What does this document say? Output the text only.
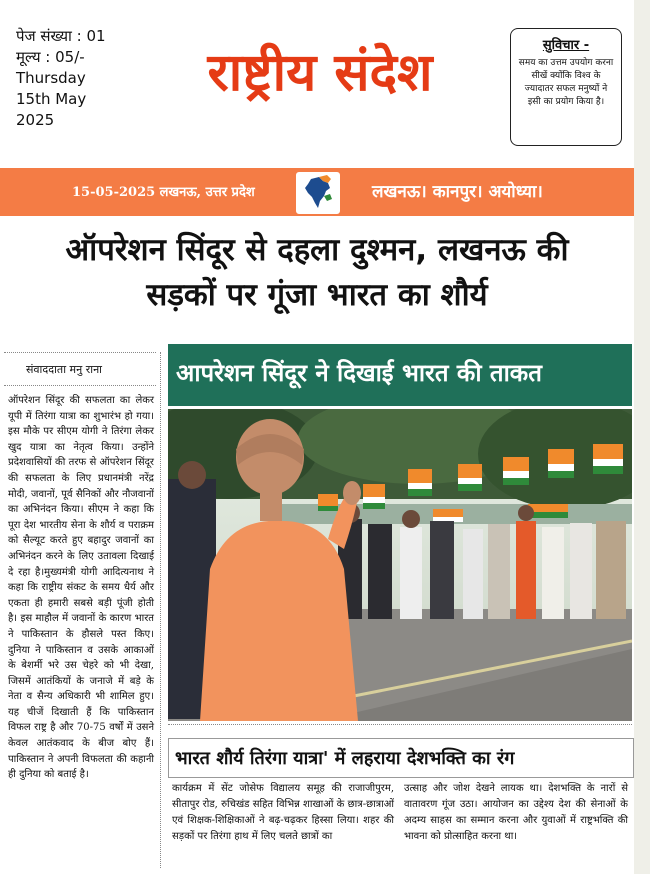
पेज संख्या : 01
मूल्य : 05/-
Thursday
15th May
2025
राष्ट्रीय संदेश	सुविचार -
समय का उत्तम उपयोग करना सीखें क्योंकि विश्व के ज्यादातर सफल मनुष्यों ने इसी का प्रयोग किया है।
15-05-2025 लखनऊ, उत्तर प्रदेश	लखनऊ। कानपुर। अयोध्या।
ऑपरेशन सिंदूर से दहला दुश्मन, लखनऊ की
सड़कों पर गूंजा भारत का शौर्य
संवाददाता मनु राना
ऑपरेशन सिंदूर की सफलता का लेकर यूपी में तिरंगा यात्रा का शुभारंभ हो गया। इस मौके पर सीएम योगी ने तिरंगा लेकर खुद यात्रा का नेतृत्व किया। उन्होंने प्रदेशवासियों की तरफ से ऑपरेशन सिंदूर की सफलता के लिए प्रधानमंत्री नरेंद्र मोदी, जवानों, पूर्व सैनिकों और नौजवानों का अभिनंदन किया। सीएम ने कहा कि पूरा देश भारतीय सेना के शौर्य व पराक्रम को सैल्यूट करते हुए बहादुर जवानों का अभिनंदन करने के लिए उतावला दिखाई दे रहा है।मुख्यमंत्री योगी आदित्यनाथ ने कहा कि राष्ट्रीय संकट के समय धैर्य और एकता ही हमारी सबसे बड़ी पूंजी होती है। इस माहौल में जवानों के कारण भारत ने पाकिस्तान के हौसले पस्त किए। दुनिया ने पाकिस्तान व उसके आकाओं के बेशर्मी भरे उस चेहरे को भी देखा, जिसमें आतंकियों के जनाजे में बड़े के नेता व सैन्य अधिकारी भी शामिल हुए। यह चीजें दिखाती हैं कि पाकिस्तान विफल राष्ट्र है और 70-75 वर्षों में उसने केवल आतंकवाद के बीज बोए हैं। पाकिस्तान ने अपनी विफलता की कहानी ही दुनिया को बताई है।
आपरेशन सिंदूर ने दिखाई भारत की ताकत
भारत शौर्य तिरंगा यात्रा' में लहराया देशभक्ति का रंग
कार्यक्रम में सेंट जोसेफ विद्यालय समूह की राजाजीपुरम, सीतापुर रोड, रुचिखंड सहित विभिन्न शाखाओं के छात्र-छात्राओं एवं शिक्षक-शिक्षिकाओं ने बढ़-चढ़कर हिस्सा लिया। शहर की सड़कों पर तिरंगा हाथ में लिए चलते छात्रों का
उत्साह और जोश देखने लायक था। देशभक्ति के नारों से वातावरण गूंज उठा। आयोजन का उद्देश्य देश की सेनाओं के अदम्य साहस का सम्मान करना और युवाओं में राष्ट्रभक्ति की भावना को प्रोत्साहित करना था।
